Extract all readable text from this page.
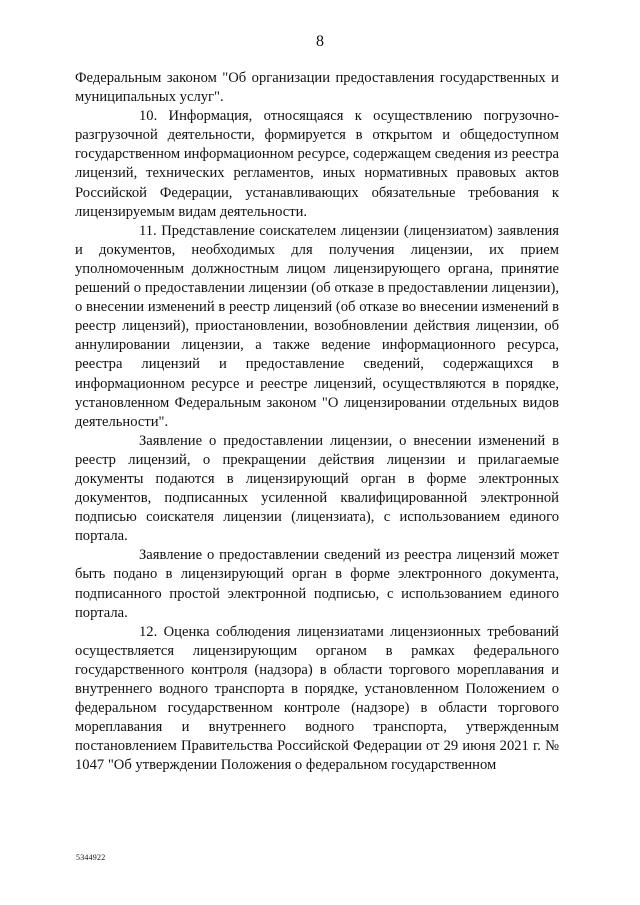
8

Федеральным законом "Об организации предоставления государственных и муниципальных услуг".

10. Информация, относящаяся к осуществлению погрузочно-разгрузочной деятельности, формируется в открытом и общедоступном государственном информационном ресурсе, содержащем сведения из реестра лицензий, технических регламентов, иных нормативных правовых актов Российской Федерации, устанавливающих обязательные требования к лицензируемым видам деятельности.

11. Представление соискателем лицензии (лицензиатом) заявления и документов, необходимых для получения лицензии, их прием уполномоченным должностным лицом лицензирующего органа, принятие решений о предоставлении лицензии (об отказе в предоставлении лицензии), о внесении изменений в реестр лицензий (об отказе во внесении изменений в реестр лицензий), приостановлении, возобновлении действия лицензии, об аннулировании лицензии, а также ведение информационного ресурса, реестра лицензий и предоставление сведений, содержащихся в информационном ресурсе и реестре лицензий, осуществляются в порядке, установленном Федеральным законом "О лицензировании отдельных видов деятельности".

Заявление о предоставлении лицензии, о внесении изменений в реестр лицензий, о прекращении действия лицензии и прилагаемые документы подаются в лицензирующий орган в форме электронных документов, подписанных усиленной квалифицированной электронной подписью соискателя лицензии (лицензиата), с использованием единого портала.

Заявление о предоставлении сведений из реестра лицензий может быть подано в лицензирующий орган в форме электронного документа, подписанного простой электронной подписью, с использованием единого портала.

12. Оценка соблюдения лицензиатами лицензионных требований осуществляется лицензирующим органом в рамках федерального государственного контроля (надзора) в области торгового мореплавания и внутреннего водного транспорта в порядке, установленном Положением о федеральном государственном контроле (надзоре) в области торгового мореплавания и внутреннего водного транспорта, утвержденным постановлением Правительства Российской Федерации от 29 июня 2021 г. № 1047 "Об утверждении Положения о федеральном государственном

5344922
